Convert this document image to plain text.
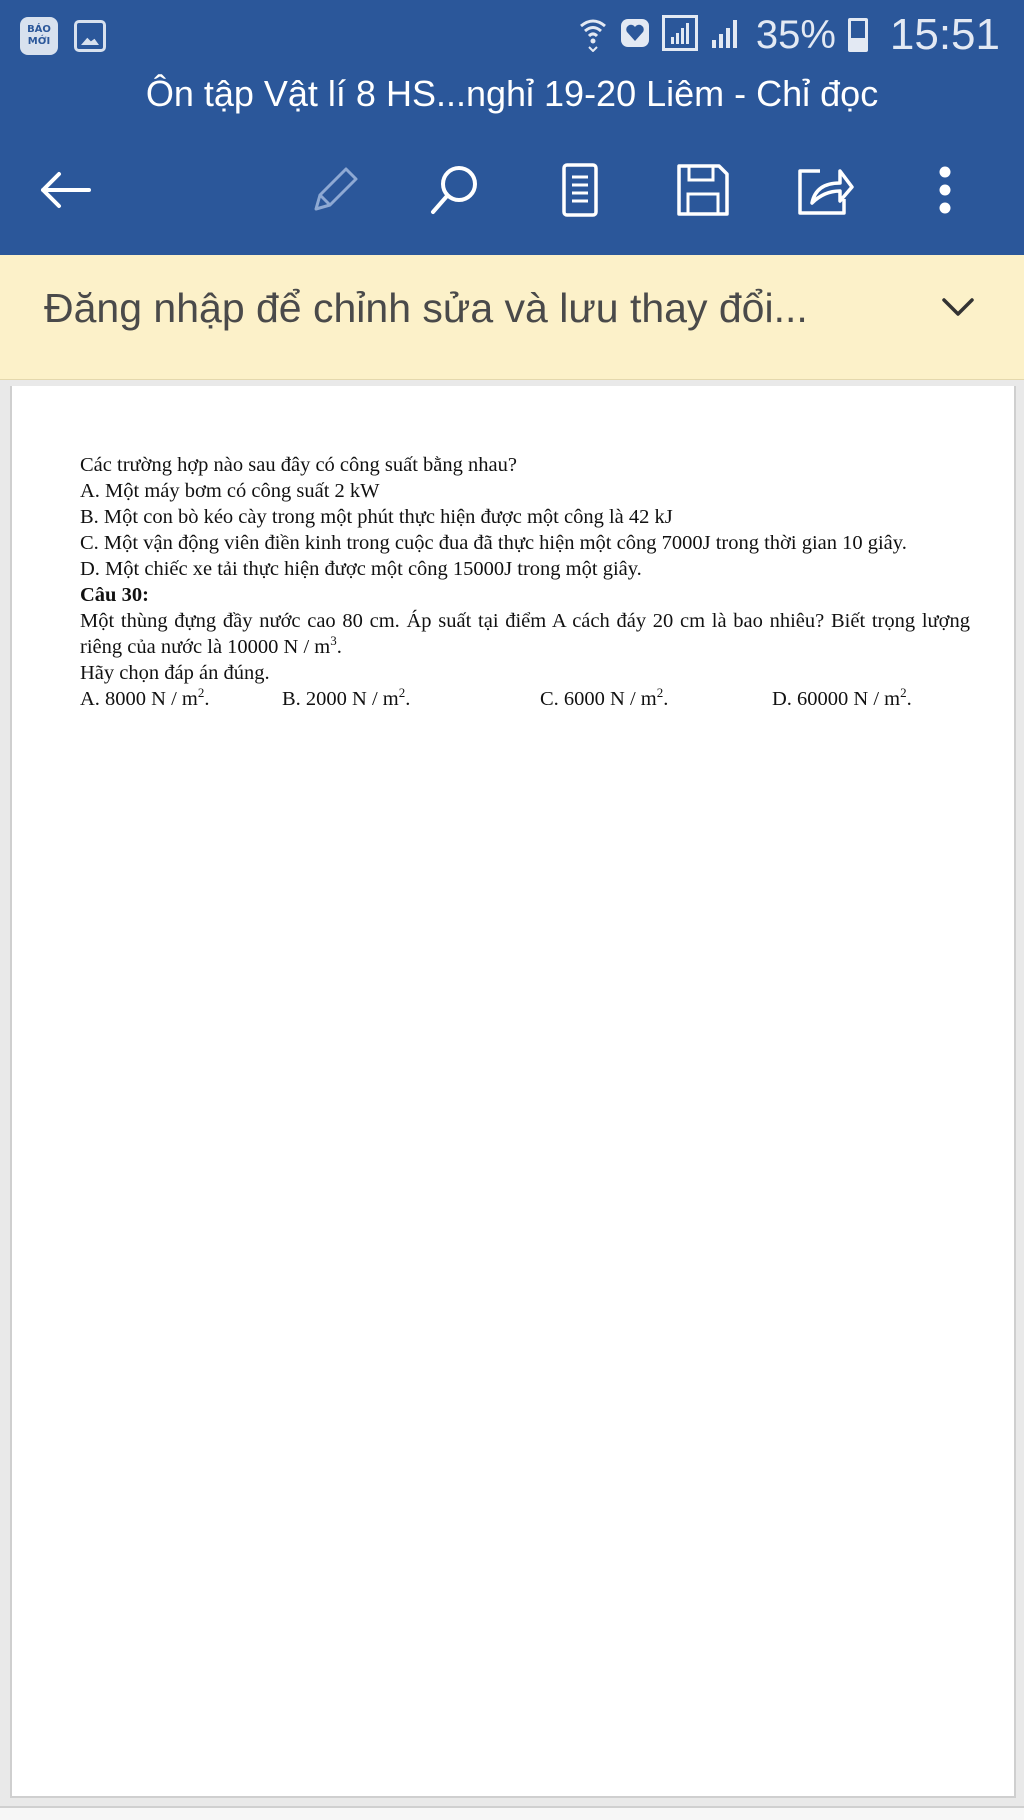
BÁO MỚI	35% 15:51
Ôn tập Vật lí 8 HS...nghỉ 19-20 Liêm - Chỉ đọc
Đăng nhập để chỉnh sửa và lưu thay đổi...

Các trường hợp nào sau đây có công suất bằng nhau?

A. Một máy bơm có công suất 2 kW

B. Một con bò kéo cày trong một phút thực hiện được một công là 42 kJ

C. Một vận động viên điền kinh trong cuộc đua đã thực hiện một công 7000J trong thời gian 10 giây.

D. Một chiếc xe tải thực hiện được một công 15000J trong một giây.

Câu 30:

Một thùng đựng đầy nước cao 80 cm. Áp suất tại điểm A cách đáy 20 cm là bao nhiêu? Biết trọng lượng riêng của nước là 10000 N / $m^3$.

Hãy chọn đáp án đúng.

A. 8000 N / $m^2$.	B. 2000 N / $m^2$.	C. 6000 N / $m^2$.	D. 60000 N / $m^2$.
